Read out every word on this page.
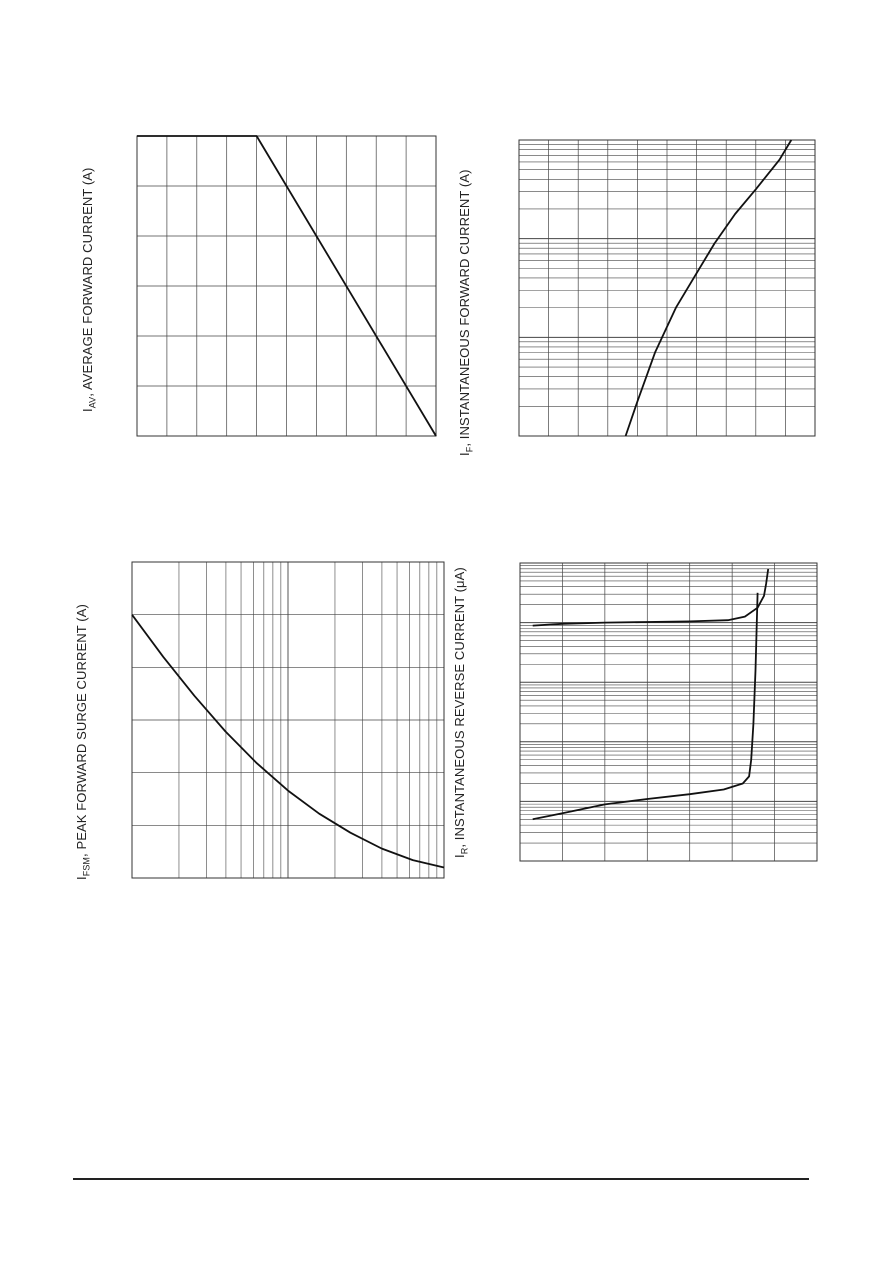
$I_{AV}$, AVERAGE FORWARD CURRENT (A)
$I_F$, INSTANTANEOUS FORWARD CURRENT (A)
$I_{FSM}$, PEAK FORWARD SURGE CURRENT (A)	$I_R$, INSTANTANEOUS REVERSE CURRENT (μA)
